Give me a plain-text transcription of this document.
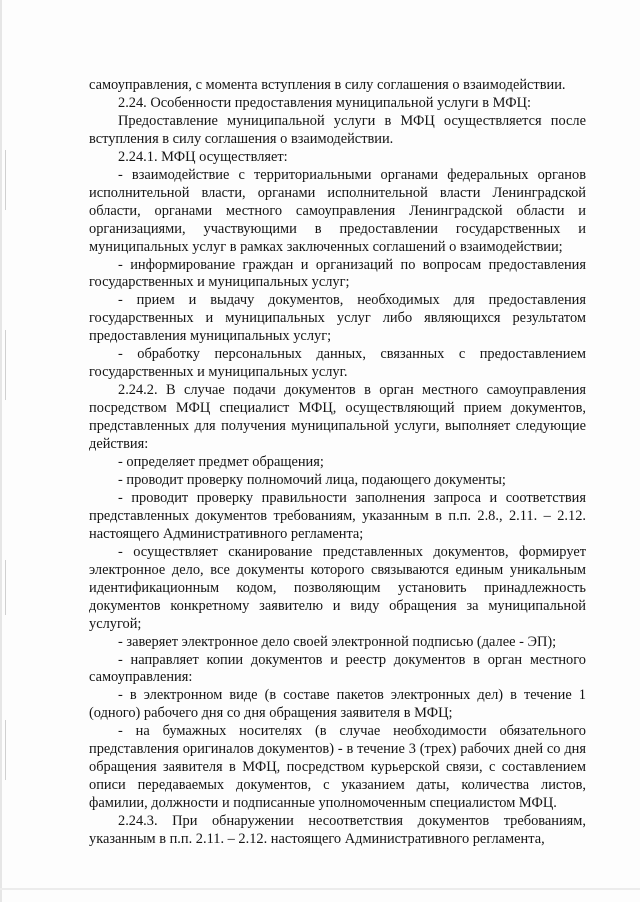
самоуправления, с момента вступления в силу соглашения о взаимодействии.

2.24. Особенности предоставления муниципальной услуги в МФЦ:

Предоставление муниципальной услуги в МФЦ осуществляется после вступления в силу соглашения о взаимодействии.

2.24.1. МФЦ осуществляет:

- взаимодействие с территориальными органами федеральных органов исполнительной власти, органами исполнительной власти Ленинградской области, органами местного самоуправления Ленинградской области и организациями, участвующими в предоставлении государственных и муниципальных услуг в рамках заключенных соглашений о взаимодействии;

- информирование граждан и организаций по вопросам предоставления государственных и муниципальных услуг;

- прием и выдачу документов, необходимых для предоставления государственных и муниципальных услуг либо являющихся результатом предоставления муниципальных услуг;

- обработку персональных данных, связанных с предоставлением государственных и муниципальных услуг.

2.24.2. В случае подачи документов в орган местного самоуправления посредством МФЦ специалист МФЦ, осуществляющий прием документов, представленных для получения муниципальной услуги, выполняет следующие действия:

- определяет предмет обращения;

- проводит проверку полномочий лица, подающего документы;

- проводит проверку правильности заполнения запроса и соответствия представленных документов требованиям, указанным в п.п. 2.8., 2.11. – 2.12. настоящего Административного регламента;

- осуществляет сканирование представленных документов, формирует электронное дело, все документы которого связываются единым уникальным идентификационным кодом, позволяющим установить принадлежность документов конкретному заявителю и виду обращения за муниципальной услугой;

- заверяет электронное дело своей электронной подписью (далее - ЭП);

- направляет копии документов и реестр документов в орган местного самоуправления:

- в электронном виде (в составе пакетов электронных дел) в течение 1 (одного) рабочего дня со дня обращения заявителя в МФЦ;

- на бумажных носителях (в случае необходимости обязательного представления оригиналов документов) - в течение 3 (трех) рабочих дней со дня обращения заявителя в МФЦ, посредством курьерской связи, с составлением описи передаваемых документов, с указанием даты, количества листов, фамилии, должности и подписанные уполномоченным специалистом МФЦ.

2.24.3. При обнаружении несоответствия документов требованиям, указанным в п.п. 2.11. – 2.12. настоящего Административного регламента,
